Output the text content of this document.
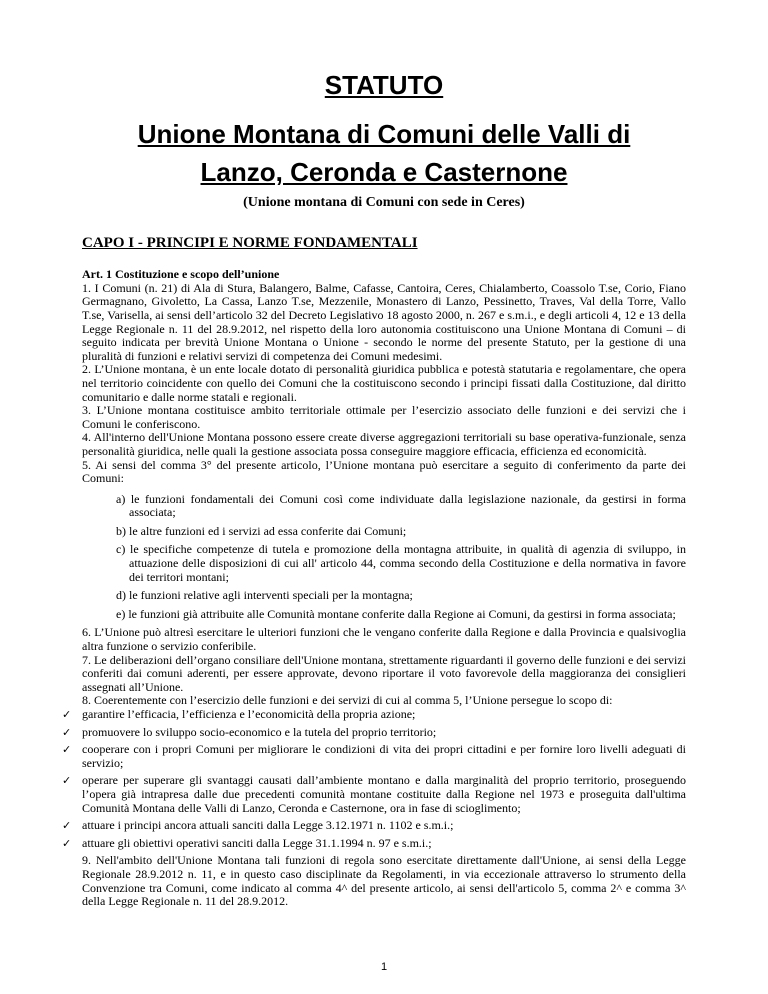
STATUTO
Unione Montana di Comuni delle Valli di Lanzo, Ceronda e Casternone
(Unione montana di Comuni con sede in Ceres)
CAPO I - PRINCIPI E NORME FONDAMENTALI
Art. 1 Costituzione e scopo dell’unione

1. I Comuni (n. 21) di Ala di Stura, Balangero, Balme, Cafasse, Cantoira, Ceres, Chialamberto, Coassolo T.se, Corio, Fiano Germagnano, Givoletto, La Cassa, Lanzo T.se, Mezzenile, Monastero di Lanzo, Pessinetto, Traves, Val della Torre, Vallo T.se, Varisella, ai sensi dell’articolo 32 del Decreto Legislativo 18 agosto 2000, n. 267 e s.m.i., e degli articoli 4, 12 e 13 della Legge Regionale n. 11 del 28.9.2012, nel rispetto della loro autonomia costituiscono una Unione Montana di Comuni – di seguito indicata per brevità Unione Montana o Unione - secondo le norme del presente Statuto, per la gestione di una pluralità di funzioni e relativi servizi di competenza dei Comuni medesimi.

2. L’Unione montana, è un ente locale dotato di personalità giuridica pubblica e potestà statutaria e regolamentare, che opera nel territorio coincidente con quello dei Comuni che la costituiscono secondo i principi fissati dalla Costituzione, dal diritto comunitario e dalle norme statali e regionali.

3. L’Unione montana costituisce ambito territoriale ottimale per l’esercizio associato delle funzioni e dei servizi che i Comuni le conferiscono.

4. All'interno dell'Unione Montana possono essere create diverse aggregazioni territoriali su base operativa-funzionale, senza personalità giuridica, nelle quali la gestione associata possa conseguire maggiore efficacia, efficienza ed economicità.

5. Ai sensi del comma 3° del presente articolo, l’Unione montana può esercitare a seguito di conferimento da parte dei Comuni:

a) le funzioni fondamentali dei Comuni così come individuate dalla legislazione nazionale, da gestirsi in forma associata;
b) le altre funzioni ed i servizi ad essa conferite dai Comuni;
c) le specifiche competenze di tutela e promozione della montagna attribuite, in qualità di agenzia di sviluppo, in attuazione delle disposizioni di cui all' articolo 44, comma secondo della Costituzione e della normativa in favore dei territori montani;
d) le funzioni relative agli interventi speciali per la montagna;
e) le funzioni già attribuite alle Comunità montane conferite dalla Regione ai Comuni, da gestirsi in forma associata;

6. L’Unione può altresì esercitare le ulteriori funzioni che le vengano conferite dalla Regione e dalla Provincia e qualsivoglia altra funzione o servizio conferibile.

7. Le deliberazioni dell’organo consiliare dell'Unione montana, strettamente riguardanti il governo delle funzioni e dei servizi conferiti dai comuni aderenti, per essere approvate, devono riportare il voto favorevole della maggioranza dei consiglieri assegnati all’Unione.

8. Coerentemente con l’esercizio delle funzioni e dei servizi di cui al comma 5, l’Unione persegue lo scopo di:

✓ garantire l’efficacia, l’efficienza e l’economicità della propria azione;
✓ promuovere lo sviluppo socio-economico e la tutela del proprio territorio;
✓ cooperare con i propri Comuni per migliorare le condizioni di vita dei propri cittadini e per fornire loro livelli adeguati di servizio;
✓ operare per superare gli svantaggi causati dall’ambiente montano e dalla marginalità del proprio territorio, proseguendo l’opera già intrapresa dalle due precedenti comunità montane costituite dalla Regione nel 1973 e proseguita dall'ultima Comunità Montana delle Valli di Lanzo, Ceronda e Casternone, ora in fase di scioglimento;
✓ attuare i principi ancora attuali sanciti dalla Legge 3.12.1971 n. 1102 e s.m.i.;
✓ attuare gli obiettivi operativi sanciti dalla Legge 31.1.1994 n. 97 e s.m.i.;

9. Nell'ambito dell'Unione Montana tali funzioni di regola sono esercitate direttamente dall'Unione, ai sensi della Legge Regionale 28.9.2012 n. 11, e in questo caso disciplinate da Regolamenti, in via eccezionale attraverso lo strumento della Convenzione tra Comuni, come indicato al comma 4^ del presente articolo, ai sensi dell'articolo 5, comma 2^ e comma 3^ della Legge Regionale n. 11 del 28.9.2012.

1
